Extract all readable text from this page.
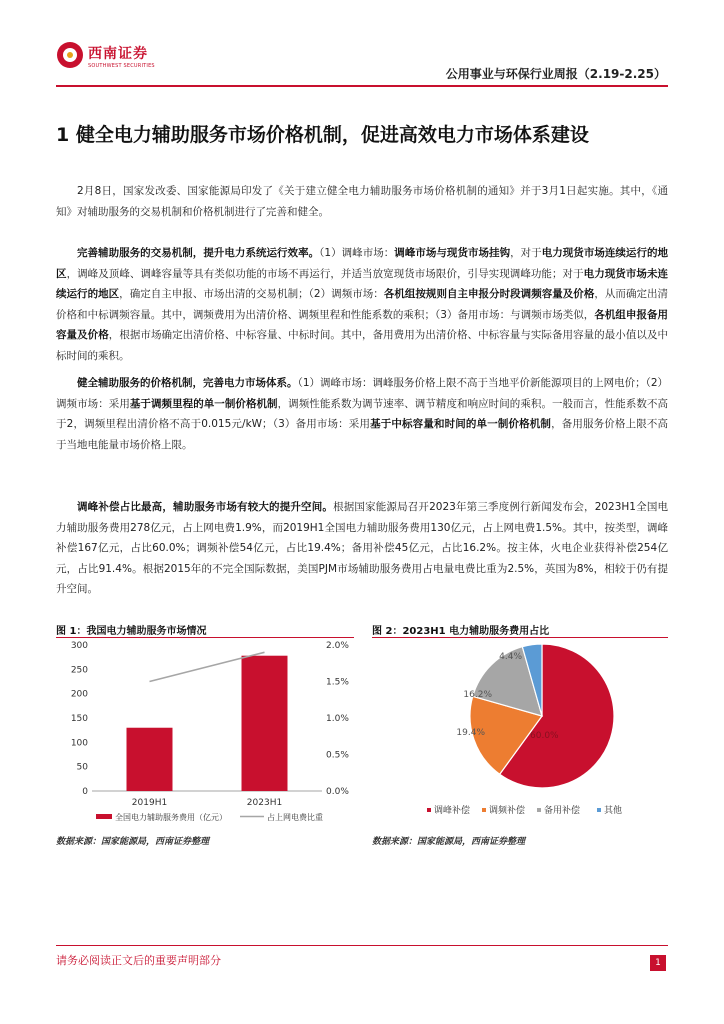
西南证券
SOUTHWEST SECURITIES
公用事业与环保行业周报（2.19-2.25）
1 健全电力辅助服务市场价格机制，促进高效电力市场体系建设

2月8日，国家发改委、国家能源局印发了《关于建立健全电力辅助服务市场价格机制的通知》并于3月1日起实施。其中，《通知》对辅助服务的交易机制和价格机制进行了完善和健全。

完善辅助服务的交易机制，提升电力系统运行效率。（1）调峰市场：调峰市场与现货市场挂钩，对于电力现货市场连续运行的地区，调峰及顶峰、调峰容量等具有类似功能的市场不再运行，并适当放宽现货市场限价，引导实现调峰功能；对于电力现货市场未连续运行的地区，确定自主申报、市场出清的交易机制；（2）调频市场：各机组按规则自主申报分时段调频容量及价格，从而确定出清价格和中标调频容量。其中，调频费用为出清价格、调频里程和性能系数的乘积；（3）备用市场：与调频市场类似，各机组申报备用容量及价格，根据市场确定出清价格、中标容量、中标时间。其中，备用费用为出清价格、中标容量与实际备用容量的最小值以及中标时间的乘积。

健全辅助服务的价格机制，完善电力市场体系。（1）调峰市场：调峰服务价格上限不高于当地平价新能源项目的上网电价；（2）调频市场：采用基于调频里程的单一制价格机制，调频性能系数为调节速率、调节精度和响应时间的乘积。一般而言，性能系数不高于2，调频里程出清价格不高于0.015元/kW；（3）备用市场：采用基于中标容量和时间的单一制价格机制，备用服务价格上限不高于当地电能量市场价格上限。

调峰补偿占比最高，辅助服务市场有较大的提升空间。根据国家能源局召开2023年第三季度例行新闻发布会，2023H1全国电力辅助服务费用278亿元，占上网电费1.9%，而2019H1全国电力辅助服务费用130亿元，占上网电费1.5%。其中，按类型，调峰补偿167亿元，占比60.0%；调频补偿54亿元，占比19.4%；备用补偿45亿元，占比16.2%。按主体，火电企业获得补偿254亿元，占比91.4%。根据2015年的不完全国际数据，美国PJM市场辅助服务费用占电量电费比重为2.5%，英国为8%，相较于仍有提升空间。

图 1：我国电力辅助服务市场情况	图 2：2023H1 电力辅助服务费用占比
0
50
100
150
200
250
300
0.0%
0.5%
1.0%
1.5%
2.0%
2019H1	2023H1
全国电力辅助服务费用（亿元）	占上网电费比重
60.0%
19.4%
16.2%
4.4%
调峰补偿 调频补偿 备用补偿	其他
数据来源：国家能源局，西南证券整理	数据来源：国家能源局，西南证券整理
请务必阅读正文后的重要声明部分	1
